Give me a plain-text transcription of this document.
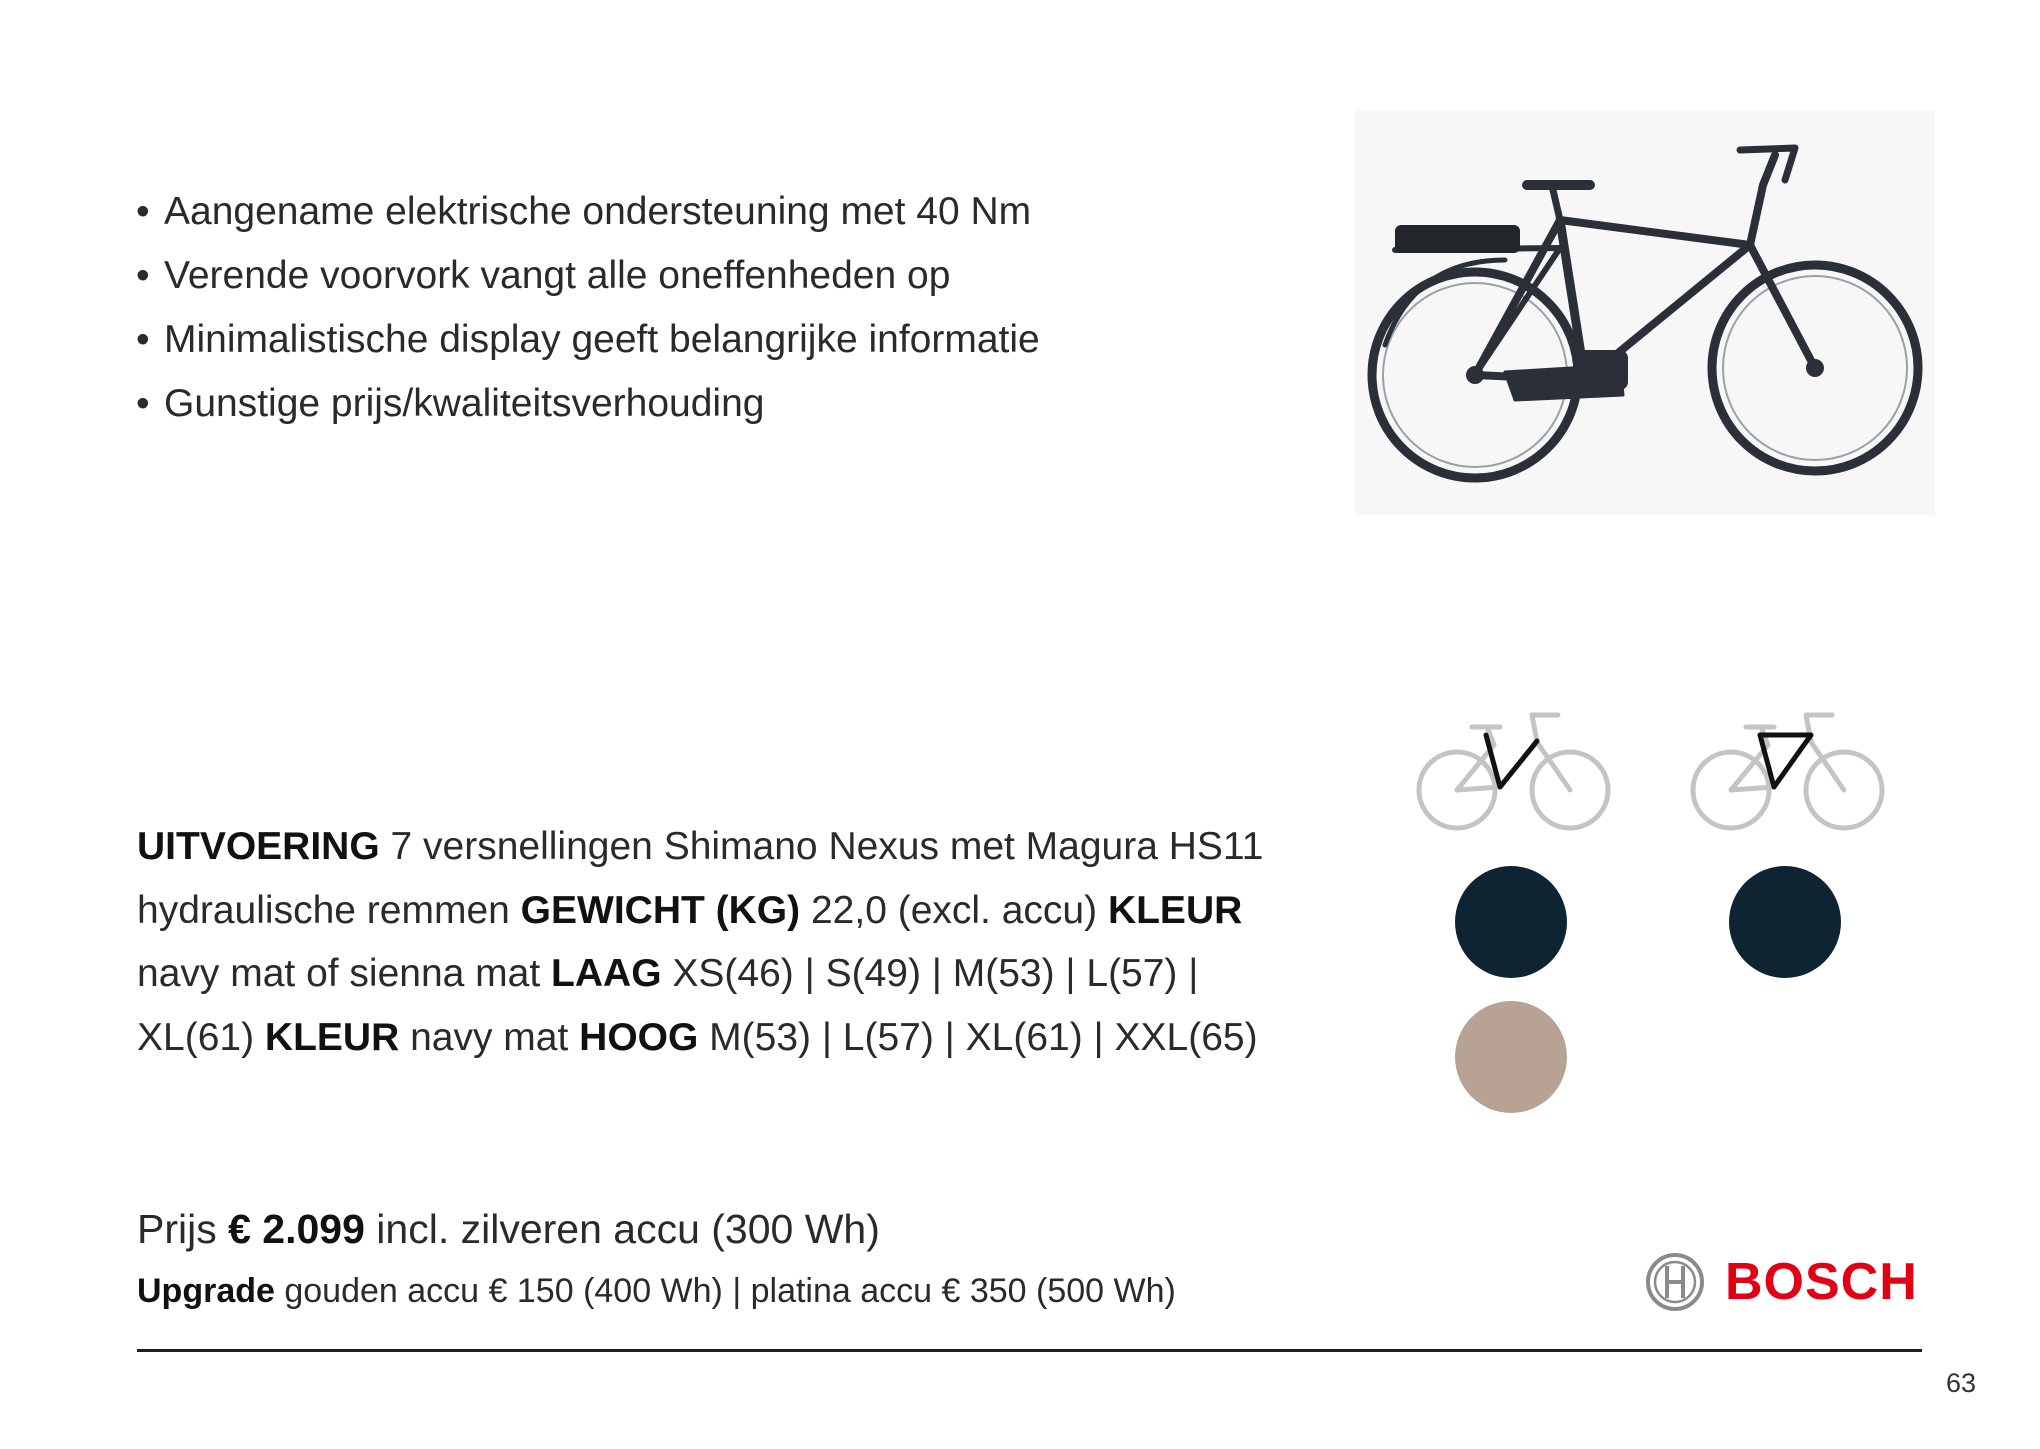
• Aangename elektrische ondersteuning met 40 Nm
• Verende voorvork vangt alle oneffenheden op
• Minimalistische display geeft belangrijke informatie
• Gunstige prijs/kwaliteitsverhouding
UITVOERING 7 versnellingen Shimano Nexus met Magura HS11 hydraulische remmen GEWICHT (KG) 22,0 (excl. accu) KLEUR navy mat of sienna mat LAAG XS(46) | S(49) | M(53) | L(57) | XL(61) KLEUR navy mat HOOG M(53) | L(57) | XL(61) | XXL(65)
Prijs € 2.099 incl. zilveren accu (300 Wh)
Upgrade gouden accu € 150 (400 Wh) | platina accu € 350 (500 Wh)	BOSCH
63
